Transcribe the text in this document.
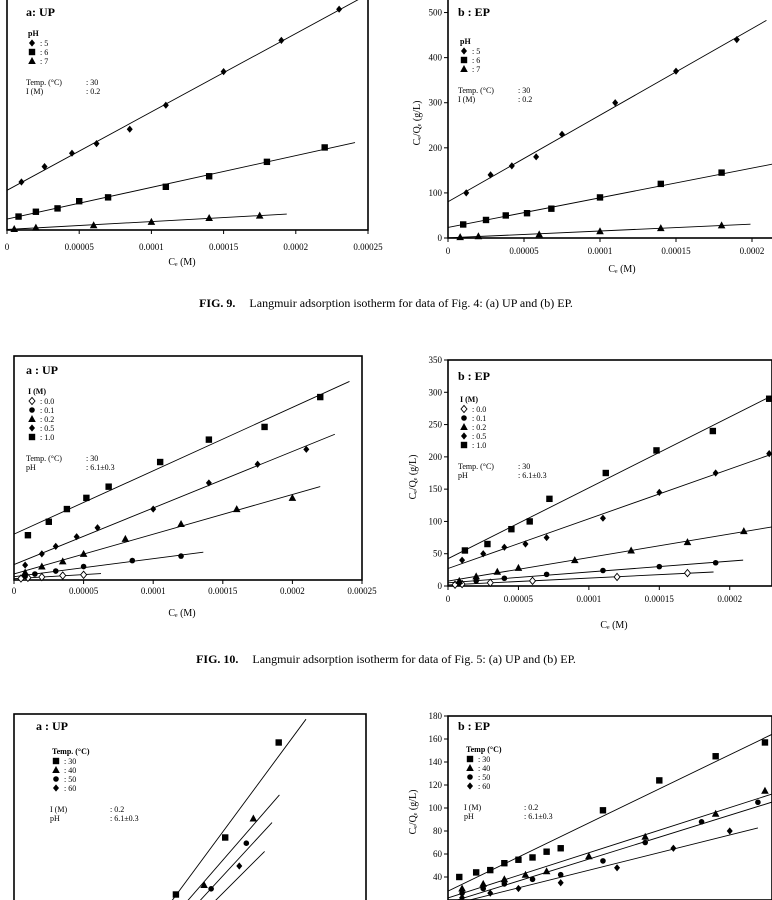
0	0.00005	0.0001	0.00015	0.0002	0.00025
Cₑ (M)
a: UP
pH
: 5
: 6
: 7
Temp. (°C)	: 30
I (M)	: 0.2
0	0.00005	0.0001	0.00015	0.0002
0
100
200
300
400
500
Cₑ (M)
Cₑ/Qₑ (g/L)
b : EP
pH
: 5
: 6
: 7
Temp. (°C)	: 30
I (M)	: 0.2
FIG. 9. Langmuir adsorption isotherm for data of Fig. 4: (a) UP and (b) EP.
0	0.00005	0.0001	0.00015	0.0002	0.00025
Cₑ (M)
a : UP
I (M)
: 0.0
: 0.1
: 0.2
: 0.5
: 1.0
Temp. (°C)	: 30
pH	: 6.1±0.3
0	0.00005	0.0001	0.00015	0.0002
0
50
100
150
200
250
300
350
Cₑ (M)
Cₑ/Qₑ (g/L)
b : EP
I (M)
: 0.0
: 0.1
: 0.2
: 0.5
: 1.0
Temp. (°C)	: 30
pH	: 6.1±0.3
FIG. 10. Langmuir adsorption isotherm for data of Fig. 5: (a) UP and (b) EP.
a : UP
Temp. (°C)
: 30
: 40
: 50
: 60
I (M)	: 0.2
pH	: 6.1±0.3
40
60
80
100
120
140
160
180
Cₑ/Qₑ (g/L)
b : EP
Temp (°C)
: 30
: 40
: 50
: 60
I (M)	: 0.2
pH	: 6.1±0.3
